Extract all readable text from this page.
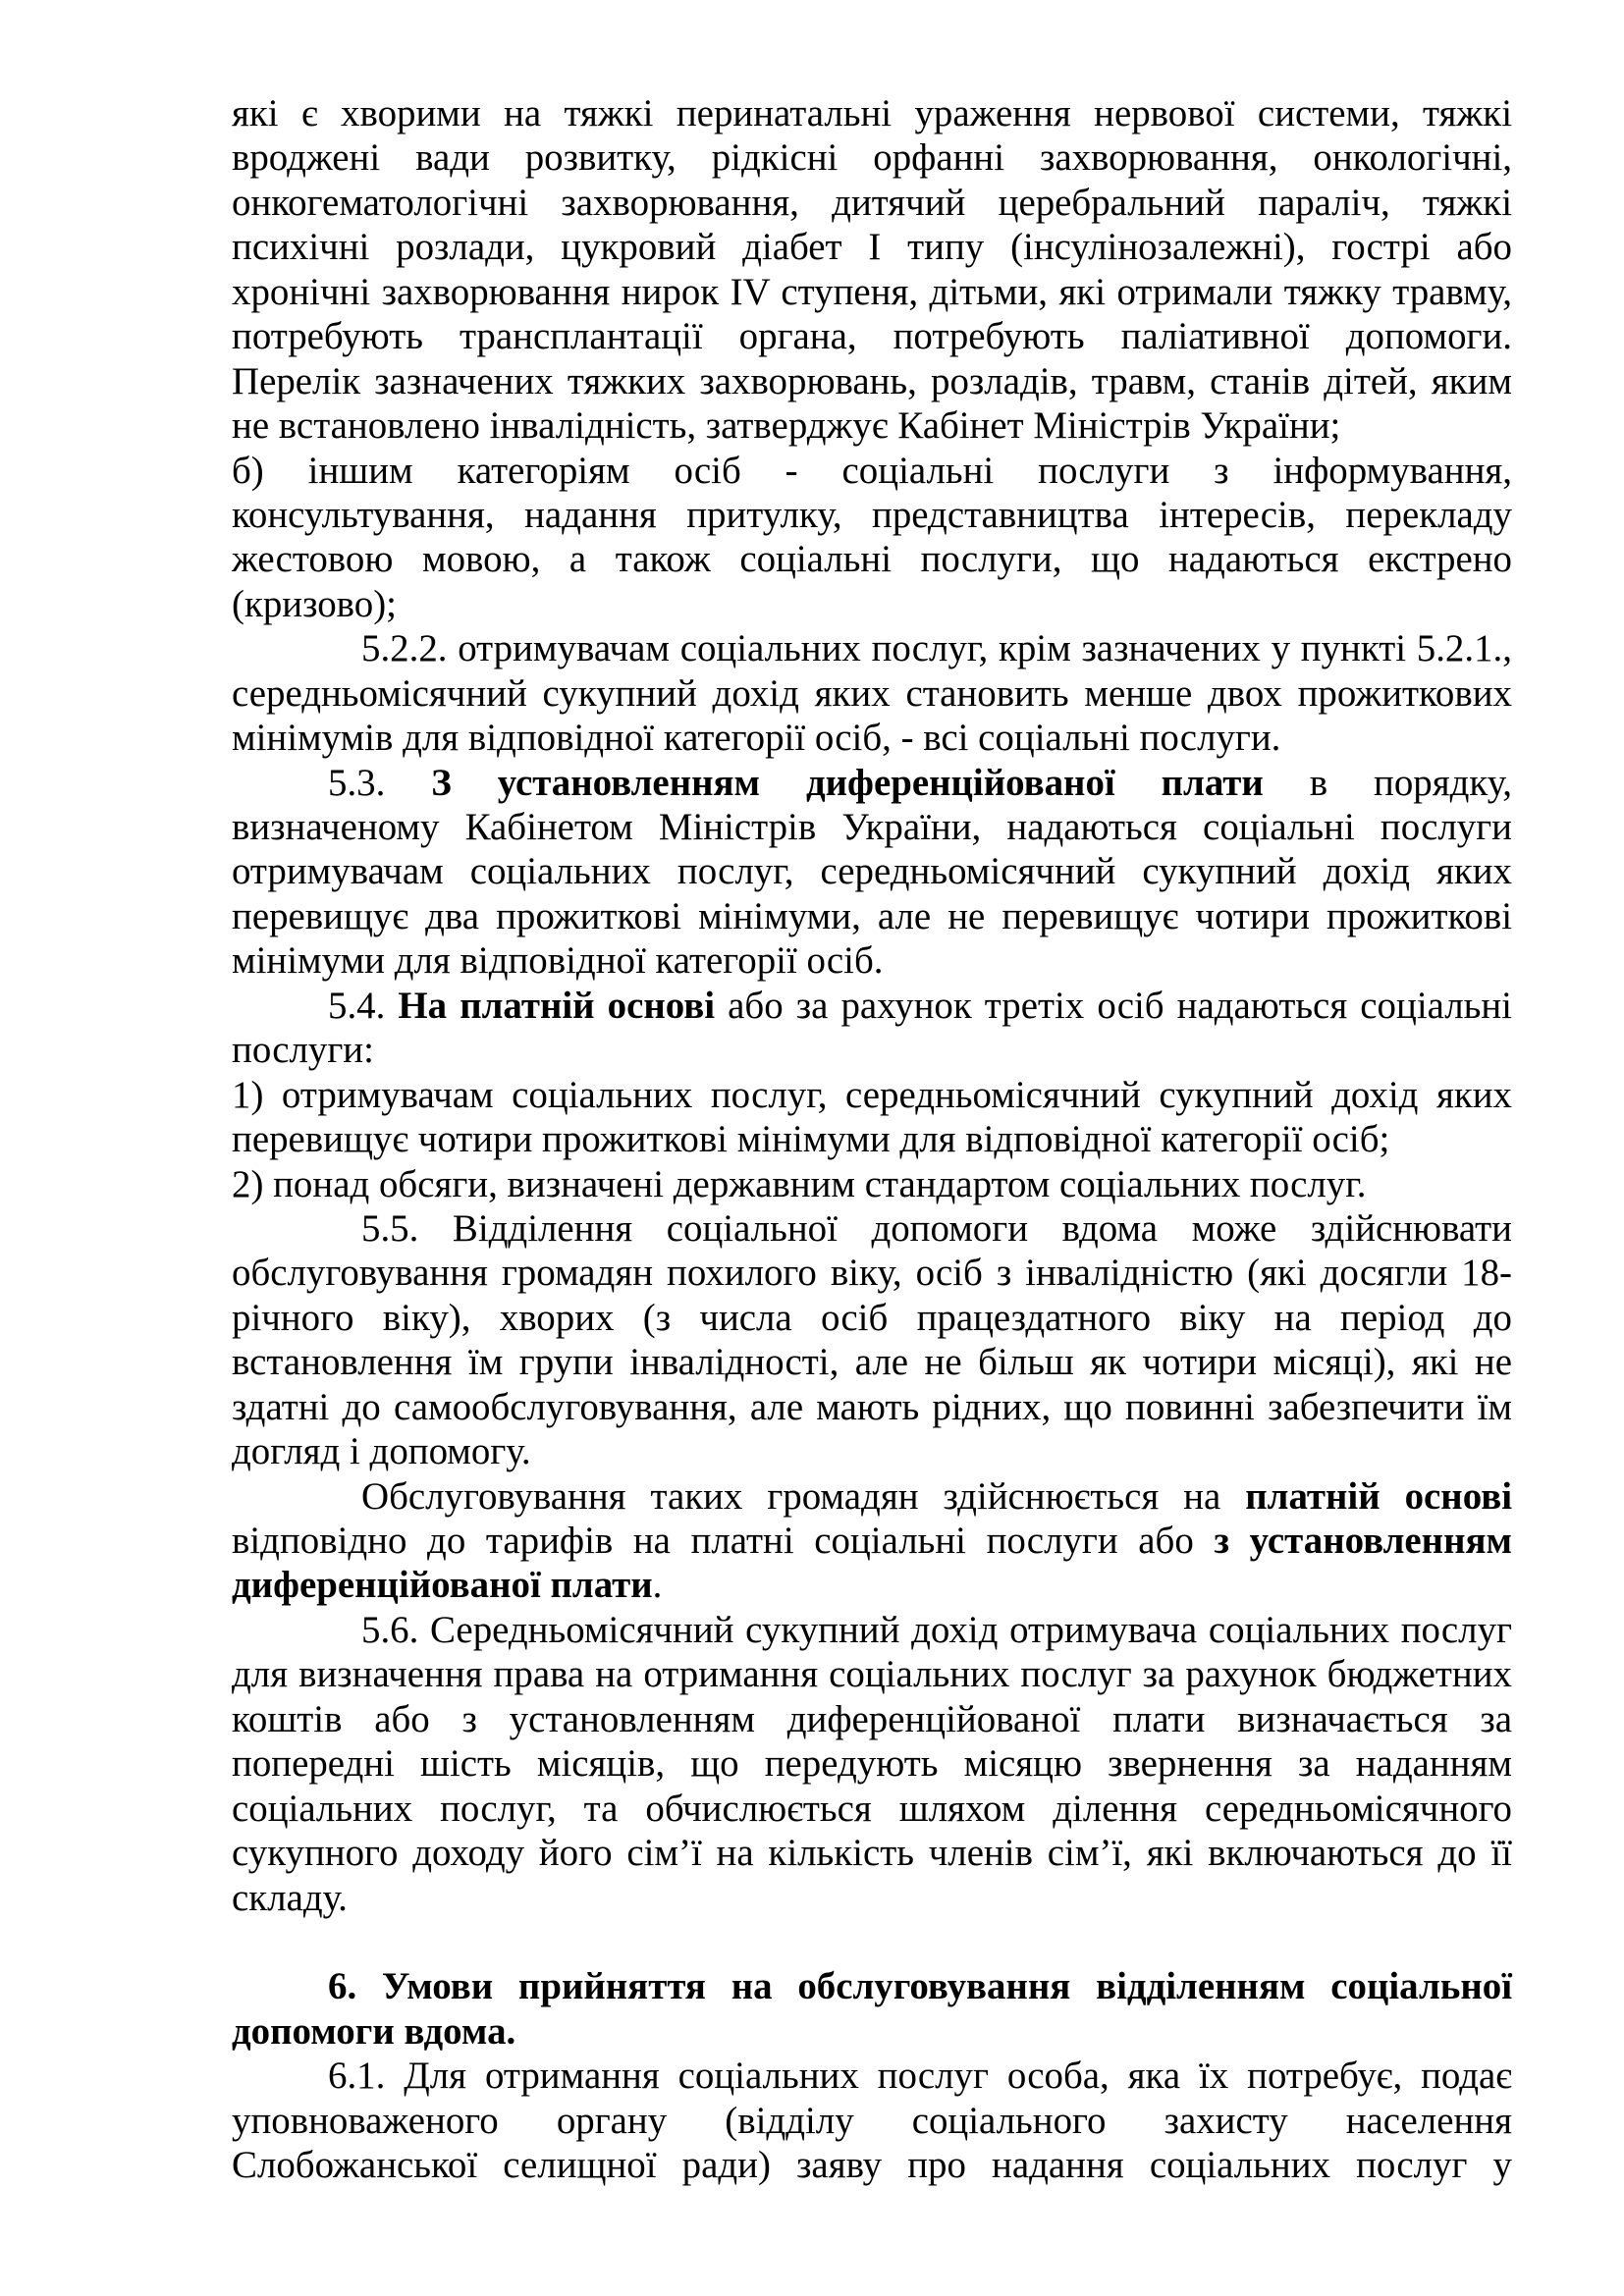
які є хворими на тяжкі перинатальні ураження нервової системи, тяжкі
вроджені вади розвитку, рідкісні орфанні захворювання, онкологічні,
онкогематологічні захворювання, дитячий церебральний параліч, тяжкі
психічні розлади, цукровий діабет I типу (інсулінозалежні), гострі або
хронічні захворювання нирок IV ступеня, дітьми, які отримали тяжку травму,
потребують трансплантації органа, потребують паліативної допомоги.
Перелік зазначених тяжких захворювань, розладів, травм, станів дітей, яким
не встановлено інвалідність, затверджує Кабінет Міністрів України;
б) іншим категоріям осіб - соціальні послуги з інформування,
консультування, надання притулку, представництва інтересів, перекладу
жестовою мовою, а також соціальні послуги, що надаються екстрено
(кризово);
5.2.2. отримувачам соціальних послуг, крім зазначених у пункті 5.2.1.,
середньомісячний сукупний дохід яких становить менше двох прожиткових
мінімумів для відповідної категорії осіб, - всі соціальні послуги.
5.3. З установленням диференційованої плати в порядку,
визначеному Кабінетом Міністрів України, надаються соціальні послуги
отримувачам соціальних послуг, середньомісячний сукупний дохід яких
перевищує два прожиткові мінімуми, але не перевищує чотири прожиткові
мінімуми для відповідної категорії осіб.
5.4. На платній основі або за рахунок третіх осіб надаються соціальні
послуги:
1) отримувачам соціальних послуг, середньомісячний сукупний дохід яких
перевищує чотири прожиткові мінімуми для відповідної категорії осіб;
2) понад обсяги, визначені державним стандартом соціальних послуг.
5.5. Відділення соціальної допомоги вдома може здійснювати
обслуговування громадян похилого віку, осіб з інвалідністю (які досягли 18-
річного віку), хворих (з числа осіб працездатного віку на період до
встановлення їм групи інвалідності, але не більш як чотири місяці), які не
здатні до самообслуговування, але мають рідних, що повинні забезпечити їм
догляд і допомогу.
Обслуговування таких громадян здійснюється на платній основі
відповідно до тарифів на платні соціальні послуги або з установленням
диференційованої плати.
5.6. Середньомісячний сукупний дохід отримувача соціальних послуг
для визначення права на отримання соціальних послуг за рахунок бюджетних
коштів або з установленням диференційованої плати визначається за
попередні шість місяців, що передують місяцю звернення за наданням
соціальних послуг, та обчислюється шляхом ділення середньомісячного
сукупного доходу його сім’ї на кількість членів сім’ї, які включаються до її
складу.
6. Умови прийняття на обслуговування відділенням соціальної
допомоги вдома.
6.1. Для отримання соціальних послуг особа, яка їх потребує, подає
уповноваженого органу (відділу соціального захисту населення
Слобожанської селищної ради) заяву про надання соціальних послуг у
